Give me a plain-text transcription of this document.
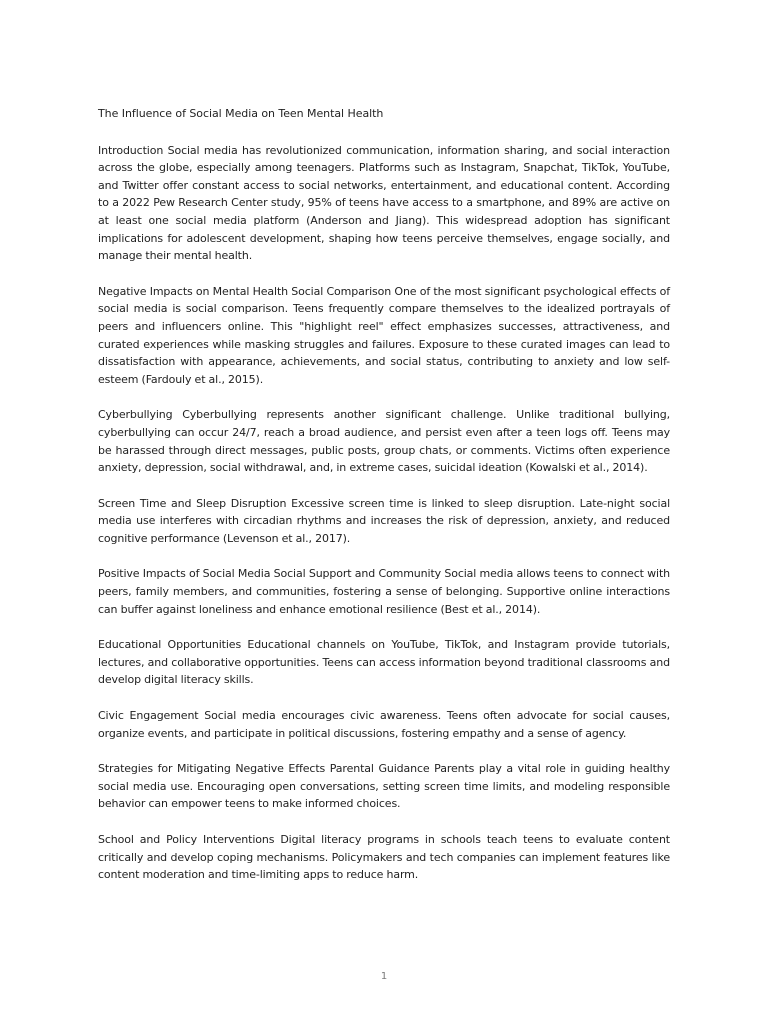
The Influence of Social Media on Teen Mental Health

Introduction Social media has revolutionized communication, information sharing, and social interaction across the globe, especially among teenagers. Platforms such as Instagram, Snapchat, TikTok, YouTube, and Twitter offer constant access to social networks, entertainment, and educational content. According to a 2022 Pew Research Center study, 95% of teens have access to a smartphone, and 89% are active on at least one social media platform (Anderson and Jiang). This widespread adoption has significant implications for adolescent development, shaping how teens perceive themselves, engage socially, and manage their mental health.

Negative Impacts on Mental Health Social Comparison One of the most significant psychological effects of social media is social comparison. Teens frequently compare themselves to the idealized portrayals of peers and influencers online. This "highlight reel" effect emphasizes successes, attractiveness, and curated experiences while masking struggles and failures. Exposure to these curated images can lead to dissatisfaction with appearance, achievements, and social status, contributing to anxiety and low self-esteem (Fardouly et al., 2015).

Cyberbullying Cyberbullying represents another significant challenge. Unlike traditional bullying, cyberbullying can occur 24/7, reach a broad audience, and persist even after a teen logs off. Teens may be harassed through direct messages, public posts, group chats, or comments. Victims often experience anxiety, depression, social withdrawal, and, in extreme cases, suicidal ideation (Kowalski et al., 2014).

Screen Time and Sleep Disruption Excessive screen time is linked to sleep disruption. Late-night social media use interferes with circadian rhythms and increases the risk of depression, anxiety, and reduced cognitive performance (Levenson et al., 2017).

Positive Impacts of Social Media Social Support and Community Social media allows teens to connect with peers, family members, and communities, fostering a sense of belonging. Supportive online interactions can buffer against loneliness and enhance emotional resilience (Best et al., 2014).

Educational Opportunities Educational channels on YouTube, TikTok, and Instagram provide tutorials, lectures, and collaborative opportunities. Teens can access information beyond traditional classrooms and develop digital literacy skills.

Civic Engagement Social media encourages civic awareness. Teens often advocate for social causes, organize events, and participate in political discussions, fostering empathy and a sense of agency.

Strategies for Mitigating Negative Effects Parental Guidance Parents play a vital role in guiding healthy social media use. Encouraging open conversations, setting screen time limits, and modeling responsible behavior can empower teens to make informed choices.

School and Policy Interventions Digital literacy programs in schools teach teens to evaluate content critically and develop coping mechanisms. Policymakers and tech companies can implement features like content moderation and time-limiting apps to reduce harm.

1
